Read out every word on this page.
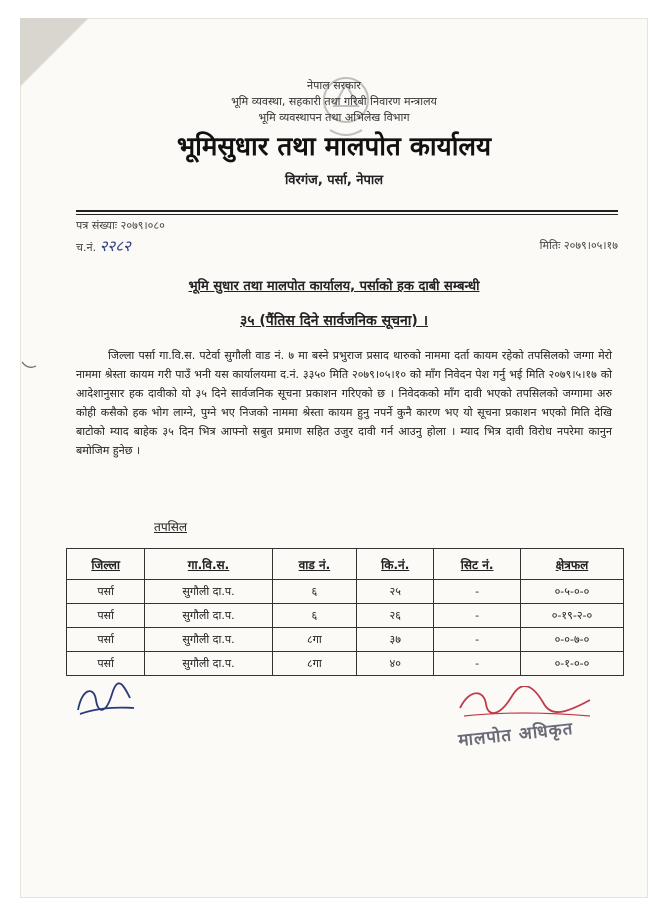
नेपाल सरकार
भूमि व्यवस्था, सहकारी तथा गरिबी निवारण मन्त्रालय
भूमि व्यवस्थापन तथा अभिलेख विभाग
भूमिसुधार तथा मालपोत कार्यालय
विरगंज, पर्सा, नेपाल
पत्र संख्याः २०७९।०८०
च.नं. २२८२	मितिः २०७९।०५।१७
भूमि सुधार तथा मालपोत कार्यालय, पर्साको हक दाबी सम्बन्धी
३५ (पैंतिस दिने सार्वजनिक सूचना) ।
जिल्ला पर्सा गा.वि.स. पटेर्वा सुगौली वाड नं. ७ मा बस्ने प्रभुराज प्रसाद थारुको नाममा दर्ता कायम रहेको तपसिलको जग्गा मेरो नाममा श्रेस्ता कायम गरी पाउँ भनी यस कार्यालयमा द.नं. ३३५० मिति २०७९।०५।१० को माँग निवेदन पेश गर्नु भई मिति २०७९।५।१७ को आदेशानुसार हक दावीको यो ३५ दिने सार्वजनिक सूचना प्रकाशन गरिएको छ । निवेदकको माँग दावी भएको तपसिलको जग्गामा अरु कोही कसैको हक भोग लाग्ने, पुग्ने भए निजको नाममा श्रेस्ता कायम हुनु नपर्ने कुनै कारण भए यो सूचना प्रकाशन भएको मिति देखि बाटोको म्याद बाहेक ३५ दिन भित्र आफ्नो सबुत प्रमाण सहित उजुर दावी गर्न आउनु होला । म्याद भित्र दावी विरोध नपरेमा कानुन बमोजिम हुनेछ ।
तपसिल
जिल्ला	गा.वि.स.	वाड नं.	कि.नं.	सिट नं.	क्षेत्रफल
पर्सा	सुगौली दा.प.	६	२५	-	०-५-०-०
पर्सा	सुगौली दा.प.	६	२६	-	०-१९-२-०
पर्सा	सुगौली दा.प.	८गा	३७	-	०-०-७-०
पर्सा	सुगौली दा.प.	८गा	४०	-	०-१-०-०
मालपोत अधिकृत
